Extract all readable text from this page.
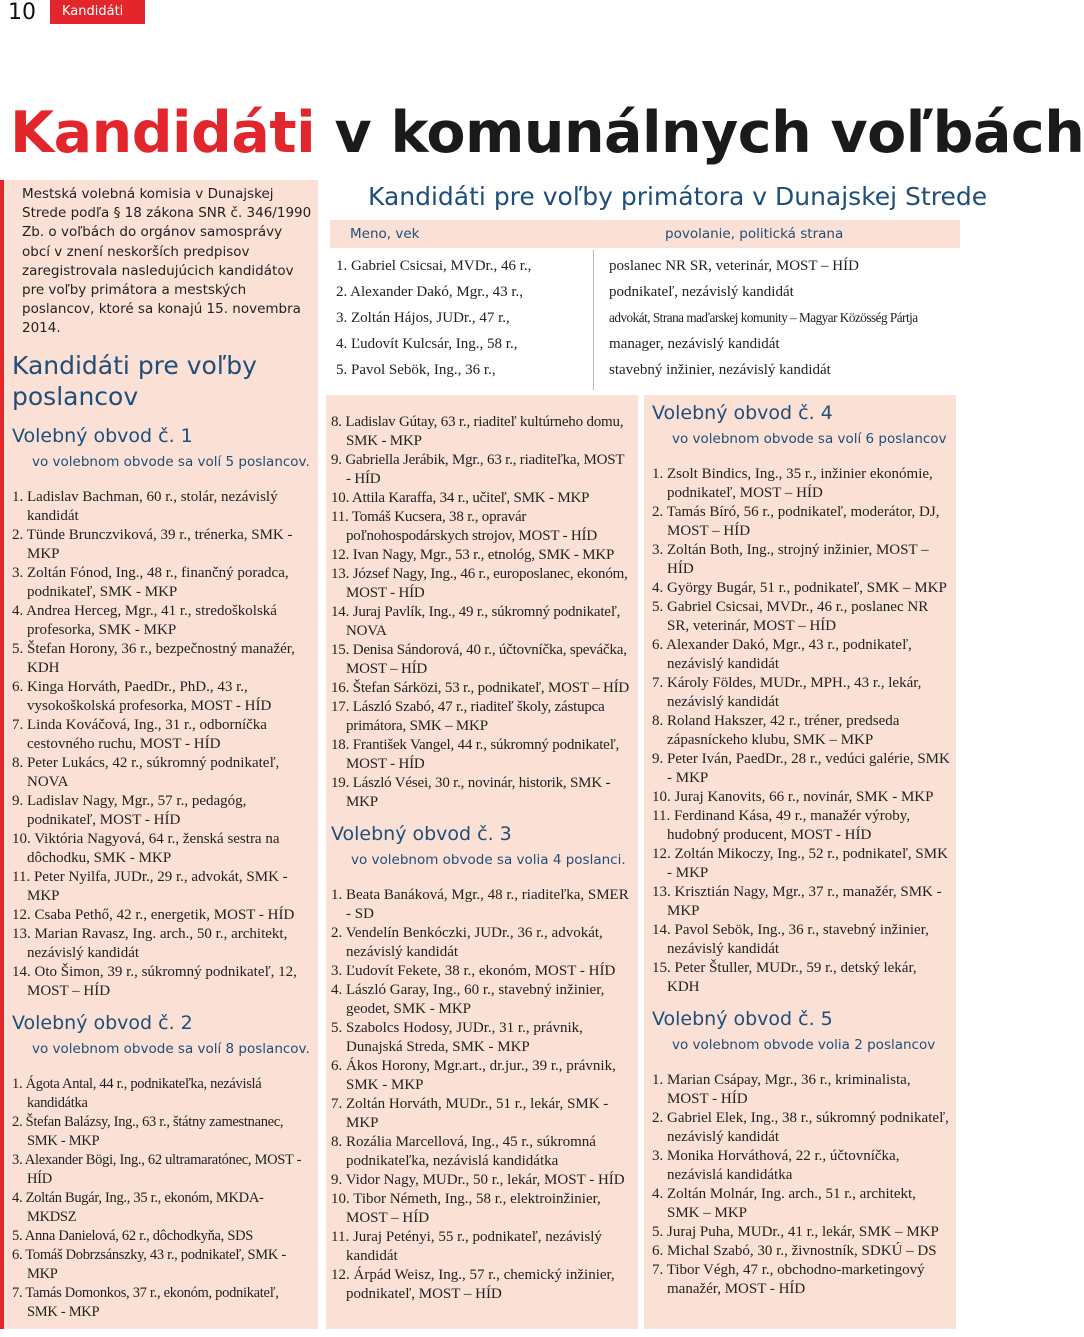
10	Kandidáti
Kandidáti v komunálnych voľbách

Mestská volebná komisia v Dunajskej Strede podľa § 18 zákona SNR č. 346/1990 Zb. o voľbách do orgánov samosprávy obcí v znení neskorších predpisov zaregistrovala nasledujúcich kandidátov pre voľby primátora a mestských poslancov, ktoré sa konajú 15. novembra 2014.

Kandidáti pre voľby poslancov
Volebný obvod č. 1

vo volebnom obvode sa volí 5 poslancov.

1. Ladislav Bachman, 60 r., stolár, nezávislý kandidát
2. Tünde Brunczviková, 39 r., trénerka, SMK - MKP
3. Zoltán Fónod, Ing., 48 r., finančný poradca, podnikateľ, SMK - MKP
4. Andrea Herceg, Mgr., 41 r., stredoškolská profesorka, SMK - MKP
5. Štefan Horony, 36 r., bezpečnostný manažér, KDH
6. Kinga Horváth, PaedDr., PhD., 43 r., vysokoškolská profesorka, MOST - HÍD
7. Linda Kováčová, Ing., 31 r., odborníčka cestovného ruchu, MOST - HÍD
8. Peter Lukács, 42 r., súkromný podnikateľ, NOVA
9. Ladislav Nagy, Mgr., 57 r., pedagóg, podnikateľ, MOST - HÍD
10. Viktória Nagyová, 64 r., ženská sestra na dôchodku, SMK - MKP
11. Peter Nyilfa, JUDr., 29 r., advokát, SMK - MKP
12. Csaba Pethő, 42 r., energetik, MOST - HÍD
13. Marian Ravasz, Ing. arch., 50 r., architekt, nezávislý kandidát
14. Oto Šimon, 39 r., súkromný podnikateľ, 12, MOST – HÍD
Volebný obvod č. 2

vo volebnom obvode sa volí 8 poslancov.

1. Ágota Antal, 44 r., podnikateľka, nezávislá kandidátka
2. Štefan Balázsy, Ing., 63 r., štátny zamestnanec, SMK - MKP
3. Alexander Bögi, Ing., 62 ultramaratónec, MOST - HÍD
4. Zoltán Bugár, Ing., 35 r., ekonóm, MKDA-MKDSZ
5. Anna Danielová, 62 r., dôchodkyňa, SDS
6. Tomáš Dobrzsánszky, 43 r., podnikateľ, SMK - MKP
7. Tamás Domonkos, 37 r., ekonóm, podnikateľ, SMK - MKP
Kandidáti pre voľby primátora v Dunajskej Strede
Meno, vek	povolanie, politická strana
1. Gabriel Csicsai, MVDr., 46 r.,	poslanec NR SR, veterinár, MOST – HÍD
2. Alexander Dakó, Mgr., 43 r.,	podnikateľ, nezávislý kandidát
3. Zoltán Hájos, JUDr., 47 r.,	advokát, Strana maďarskej komunity – Magyar Közösség Pártja
4. Ľudovít Kulcsár, Ing., 58 r.,	manager, nezávislý kandidát
5. Pavol Sebök, Ing., 36 r.,	stavebný inžinier, nezávislý kandidát
8. Ladislav Gútay, 63 r., riaditeľ kultúrneho domu, SMK - MKP
9. Gabriella Jerábik, Mgr., 63 r., riaditeľka, MOST - HÍD
10. Attila Karaffa, 34 r., učiteľ, SMK - MKP
11. Tomáš Kucsera, 38 r., opravár poľnohospodárskych strojov, MOST - HÍD
12. Ivan Nagy, Mgr., 53 r., etnológ, SMK - MKP
13. József Nagy, Ing., 46 r., europoslanec, ekonóm, MOST - HÍD
14. Juraj Pavlík, Ing., 49 r., súkromný podnikateľ, NOVA
15. Denisa Sándorová, 40 r., účtovníčka, speváčka, MOST – HÍD
16. Štefan Sárközi, 53 r., podnikateľ, MOST – HÍD
17. László Szabó, 47 r., riaditeľ školy, zástupca primátora, SMK – MKP
18. František Vangel, 44 r., súkromný podnikateľ, MOST - HÍD
19. László Vései, 30 r., novinár, historik, SMK - MKP
Volebný obvod č. 3

vo volebnom obvode sa volia 4 poslanci.

1. Beata Banáková, Mgr., 48 r., riaditeľka, SMER - SD
2. Vendelín Benkóczki, JUDr., 36 r., advokát, nezávislý kandidát
3. Ľudovít Fekete, 38 r., ekonóm, MOST - HÍD
4. László Garay, Ing., 60 r., stavebný inžinier, geodet, SMK - MKP
5. Szabolcs Hodosy, JUDr., 31 r., právnik, Dunajská Streda, SMK - MKP
6. Ákos Horony, Mgr.art., dr.jur., 39 r., právnik, SMK - MKP
7. Zoltán Horváth, MUDr., 51 r., lekár, SMK - MKP
8. Rozália Marcellová, Ing., 45 r., súkromná podnikateľka, nezávislá kandidátka
9. Vidor Nagy, MUDr., 50 r., lekár, MOST - HÍD
10. Tibor Németh, Ing., 58 r., elektroinžinier, MOST – HÍD
11. Juraj Petényi, 55 r., podnikateľ, nezávislý kandidát
12. Árpád Weisz, Ing., 57 r., chemický inžinier, podnikateľ, MOST – HÍD
Volebný obvod č. 4

vo volebnom obvode sa volí 6 poslancov

1. Zsolt Bindics, Ing., 35 r., inžinier ekonómie, podnikateľ, MOST – HÍD
2. Tamás Bíró, 56 r., podnikateľ, moderátor, DJ, MOST – HÍD
3. Zoltán Both, Ing., strojný inžinier, MOST – HÍD
4. György Bugár, 51 r., podnikateľ, SMK – MKP
5. Gabriel Csicsai, MVDr., 46 r., poslanec NR SR, veterinár, MOST – HÍD
6. Alexander Dakó, Mgr., 43 r., podnikateľ, nezávislý kandidát
7. Károly Földes, MUDr., MPH., 43 r., lekár, nezávislý kandidát
8. Roland Hakszer, 42 r., tréner, predseda zápasníckeho klubu, SMK – MKP
9. Peter Iván, PaedDr., 28 r., vedúci galérie, SMK - MKP
10. Juraj Kanovits, 66 r., novinár, SMK - MKP
11. Ferdinand Kása, 49 r., manažér výroby, hudobný producent, MOST - HÍD
12. Zoltán Mikoczy, Ing., 52 r., podnikateľ, SMK - MKP
13. Krisztián Nagy, Mgr., 37 r., manažér, SMK - MKP
14. Pavol Sebök, Ing., 36 r., stavebný inžinier, nezávislý kandidát
15. Peter Štuller, MUDr., 59 r., detský lekár, KDH
Volebný obvod č. 5

vo volebnom obvode volia 2 poslancov

1. Marian Csápay, Mgr., 36 r., kriminalista, MOST - HÍD
2. Gabriel Elek, Ing., 38 r., súkromný podnikateľ, nezávislý kandidát
3. Monika Horváthová, 22 r., účtovníčka, nezávislá kandidátka
4. Zoltán Molnár, Ing. arch., 51 r., architekt, SMK – MKP
5. Juraj Puha, MUDr., 41 r., lekár, SMK – MKP
6. Michal Szabó, 30 r., živnostník, SDKÚ – DS
7. Tibor Végh, 47 r., obchodno-marketingový manažér, MOST - HÍD
